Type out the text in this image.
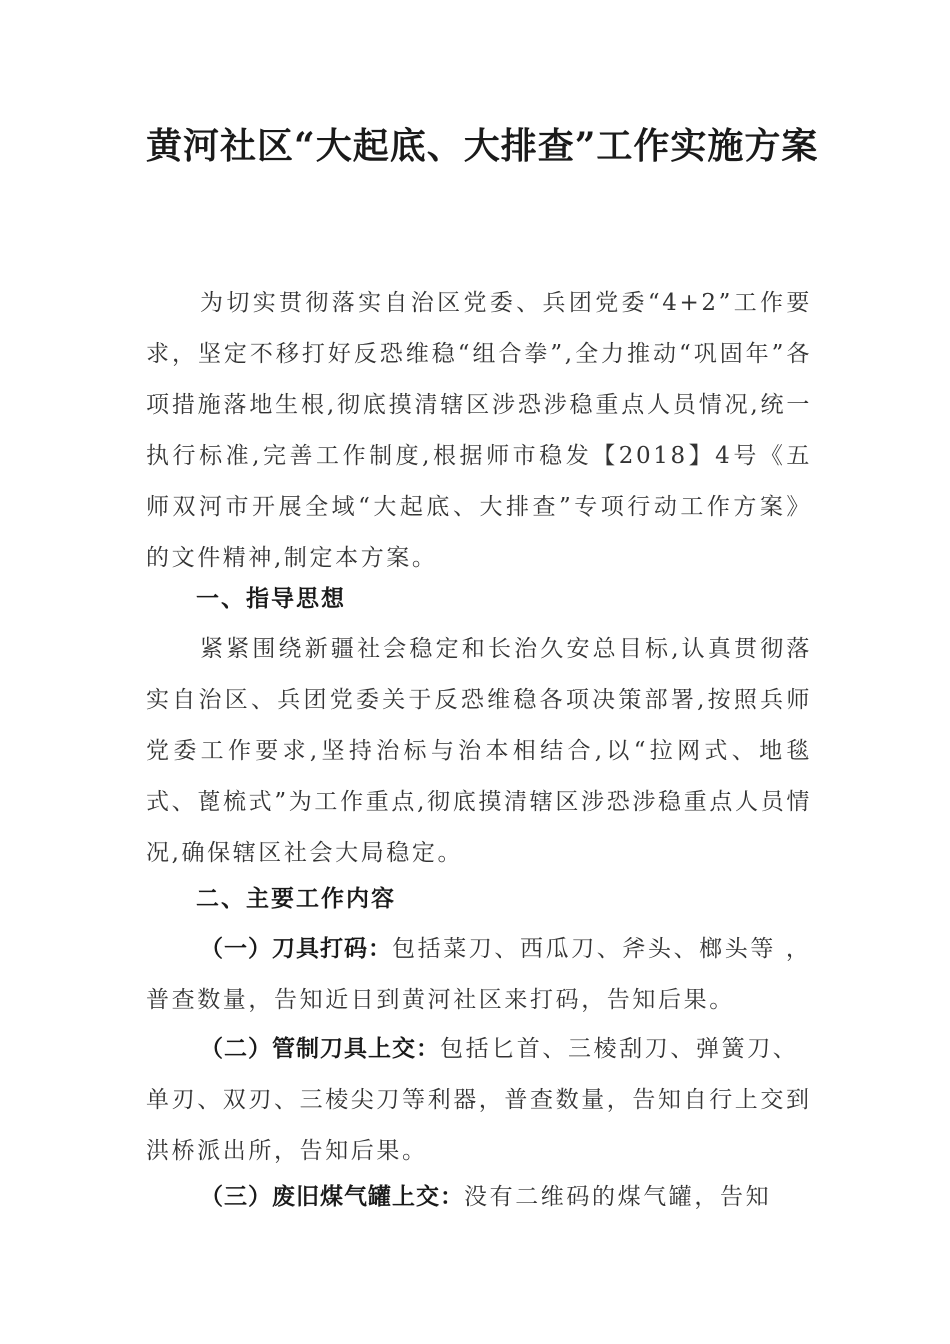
黄河社区“大起底、大排查”工作实施方案

为切实贯彻落实自治区党委、兵团党委“4+2”工作要求，坚定不移打好反恐维稳“组合拳”,全力推动“巩固年”各项措施落地生根,彻底摸清辖区涉恐涉稳重点人员情况,统一执行标准,完善工作制度,根据师市稳发【2018】4号《五师双河市开展全域“大起底、大排查”专项行动工作方案》的文件精神,制定本方案。

一、指导思想

紧紧围绕新疆社会稳定和长治久安总目标,认真贯彻落实自治区、兵团党委关于反恐维稳各项决策部署,按照兵师党委工作要求,坚持治标与治本相结合,以“拉网式、地毯式、蓖梳式”为工作重点,彻底摸清辖区涉恐涉稳重点人员情况,确保辖区社会大局稳定。

二、主要工作内容

（一）刀具打码：包括菜刀、西瓜刀、斧头、榔头等 ，普查数量，告知近日到黄河社区来打码，告知后果。

（二）管制刀具上交：包括匕首、三棱刮刀、弹簧刀、单刃、双刃、三棱尖刀等利器，普查数量，告知自行上交到洪桥派出所，告知后果。

（三）废旧煤气罐上交：没有二维码的煤气罐，告知
